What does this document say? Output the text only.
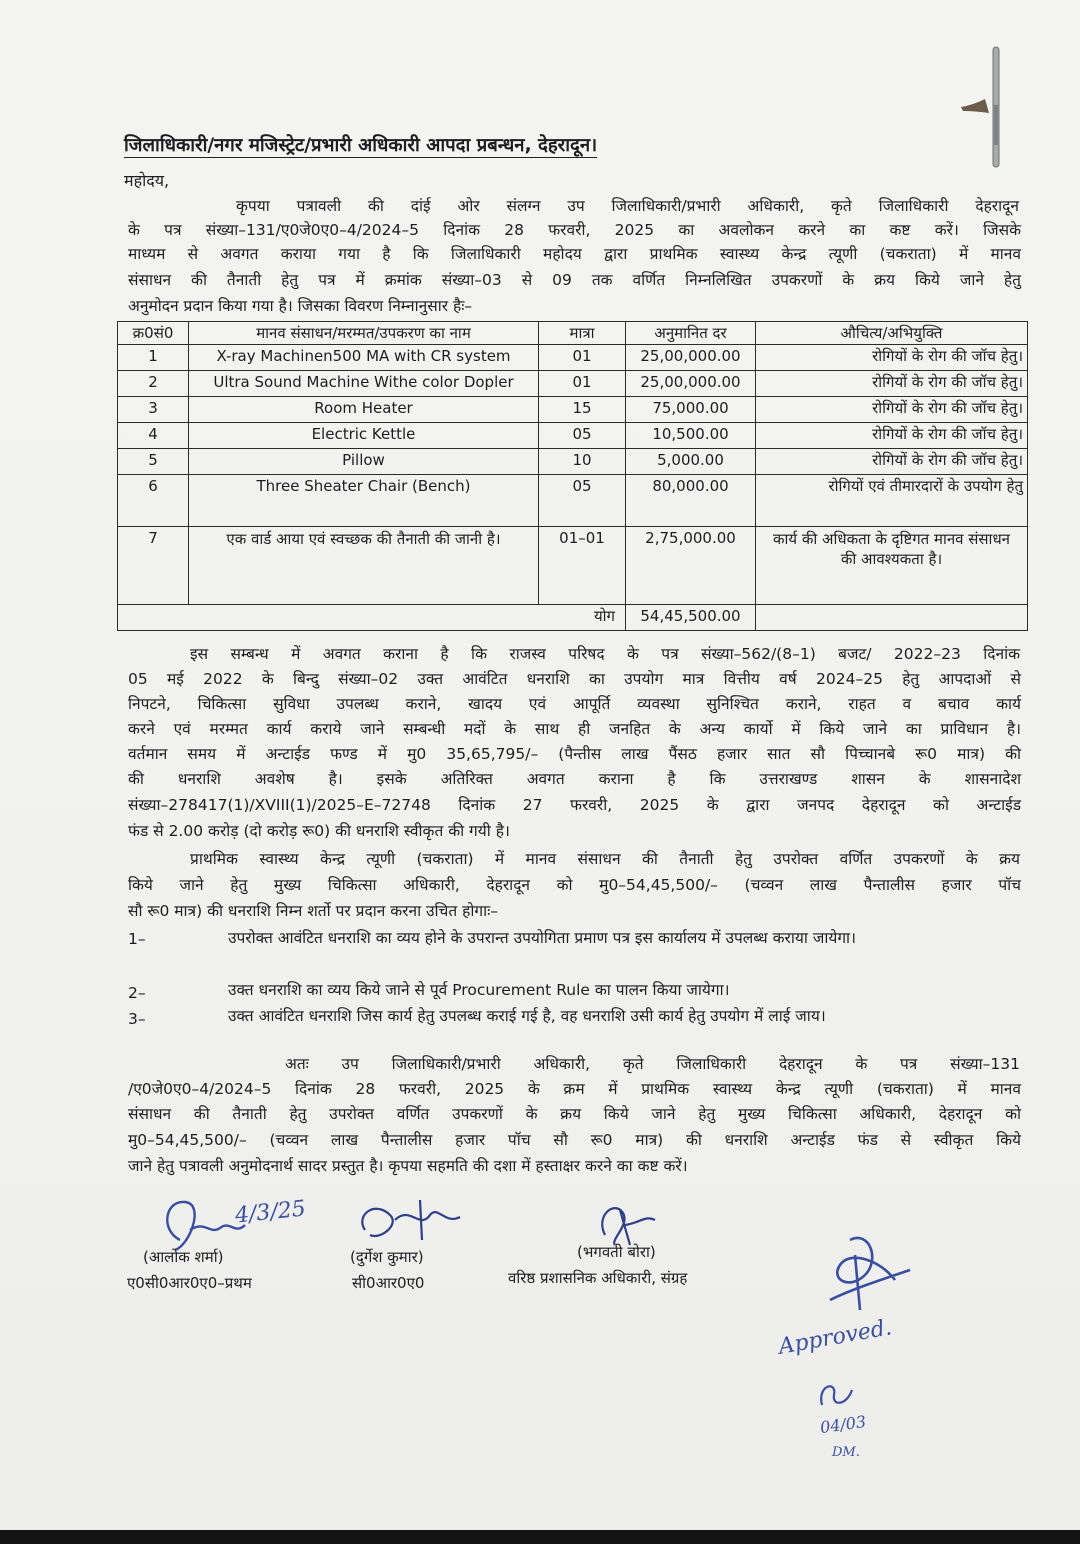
जिलाधिकारी/नगर मजिस्ट्रेट/प्रभारी अधिकारी आपदा प्रबन्धन, देहरादून।
महोदय,
कृपया पत्रावली की दांई ओर संलग्न उप जिलाधिकारी/प्रभारी अधिकारी, कृते जिलाधिकारी देहरादून
के पत्र संख्या–131/ए0जे0ए0–4/2024–5 दिनांक 28 फरवरी, 2025 का अवलोकन करने का कष्ट करें। जिसके
माध्यम से अवगत कराया गया है कि जिलाधिकारी महोदय द्वारा प्राथमिक स्वास्थ्य केन्द्र त्यूणी (चकराता) में मानव
संसाधन की तैनाती हेतु पत्र में क्रमांक संख्या–03 से 09 तक वर्णित निम्नलिखित उपकरणों के क्रय किये जाने हेतु
अनुमोदन प्रदान किया गया है। जिसका विवरण निम्नानुसार हैः–
क्र0सं0	मानव संसाधन/मरम्मत/उपकरण का नाम	मात्रा	अनुमानित दर	औचित्य/अभियुक्ति
1	X-ray Machinen500 MA with CR system	01	25,00,000.00	रोगियों के रोग की जॉच हेतु।
2	Ultra Sound Machine Withe color Dopler	01	25,00,000.00	रोगियों के रोग की जॉच हेतु।
3	Room Heater	15	75,000.00	रोगियों के रोग की जॉच हेतु।
4	Electric Kettle	05	10,500.00	रोगियों के रोग की जॉच हेतु।
5	Pillow	10	5,000.00	रोगियों के रोग की जॉच हेतु।
6	Three Sheater Chair (Bench)	05	80,000.00	रोगियों एवं तीमारदारों के उपयोग हेतु
7	एक वार्ड आया एवं स्वच्छक की तैनाती की जानी है।	01–01	2,75,000.00	कार्य की अधिकता के दृष्टिगत मानव संसाधन की आवश्यकता है।
योग			54,45,500.00	
इस सम्बन्ध में अवगत कराना है कि राजस्व परिषद के पत्र संख्या–562/(8–1) बजट/ 2022–23 दिनांक
05 मई 2022 के बिन्दु संख्या–02 उक्त आवंटित धनराशि का उपयोग मात्र वित्तीय वर्ष 2024–25 हेतु आपदाओं से
निपटने, चिकित्सा सुविधा उपलब्ध कराने, खादय एवं आपूर्ति व्यवस्था सुनिश्चित कराने, राहत व बचाव कार्य
करने एवं मरम्मत कार्य कराये जाने सम्बन्धी मदों के साथ ही जनहित के अन्य कार्यो में किये जाने का प्राविधान है।
वर्तमान समय में अन्टाईड फण्ड में मु0 35,65,795/– (पैन्तीस लाख पैंसठ हजार सात सौ पिच्चानबे रू0 मात्र) की
की धनराशि अवशेष है। इसके अतिरिक्त अवगत कराना है कि उत्तराखण्ड शासन के शासनादेश
संख्या–278417(1)/XVIII(1)/2025–E–72748 दिनांक 27 फरवरी, 2025 के द्वारा जनपद देहरादून को अन्टाईड
फंड से 2.00 करोड़ (दो करोड़ रू0) की धनराशि स्वीकृत की गयी है।
प्राथमिक स्वास्थ्य केन्द्र त्यूणी (चकराता) में मानव संसाधन की तैनाती हेतु उपरोक्त वर्णित उपकरणों के क्रय
किये जाने हेतु मुख्य चिकित्सा अधिकारी, देहरादून को मु0–54,45,500/– (चव्वन लाख पैन्तालीस हजार पॉच
सौ रू0 मात्र) की धनराशि निम्न शर्तो पर प्रदान करना उचित होगाः–
1–	उपरोक्त आवंटित धनराशि का व्यय होने के उपरान्त उपयोगिता प्रमाण पत्र इस कार्यालय में उपलब्ध कराया जायेगा।
2–	उक्त धनराशि का व्यय किये जाने से पूर्व Procurement Rule का पालन किया जायेगा।
3–	उक्त आवंटित धनराशि जिस कार्य हेतु उपलब्ध कराई गई है, वह धनराशि उसी कार्य हेतु उपयोग में लाई जाय।
अतः उप जिलाधिकारी/प्रभारी अधिकारी, कृते जिलाधिकारी देहरादून के पत्र संख्या–131
/ए0जे0ए0–4/2024–5 दिनांक 28 फरवरी, 2025 के क्रम में प्राथमिक स्वास्थ्य केन्द्र त्यूणी (चकराता) में मानव
संसाधन की तैनाती हेतु उपरोक्त वर्णित उपकरणों के क्रय किये जाने हेतु मुख्य चिकित्सा अधिकारी, देहरादून को
मु0–54,45,500/– (चव्वन लाख पैन्तालीस हजार पॉच सौ रू0 मात्र) की धनराशि अन्टाईड फंड से स्वीकृत किये
जाने हेतु पत्रावली अनुमोदनार्थ सादर प्रस्तुत है। कृपया सहमति की दशा में हस्ताक्षर करने का कष्ट करें।
4/3/25
(आलोक शर्मा)
ए0सी0आर0ए0–प्रथम
(दुर्गेश कुमार)
सी0आर0ए0
(भगवती बोरा)
वरिष्ठ प्रशासनिक अधिकारी, संग्रह
Approved.
04/03
DM.
